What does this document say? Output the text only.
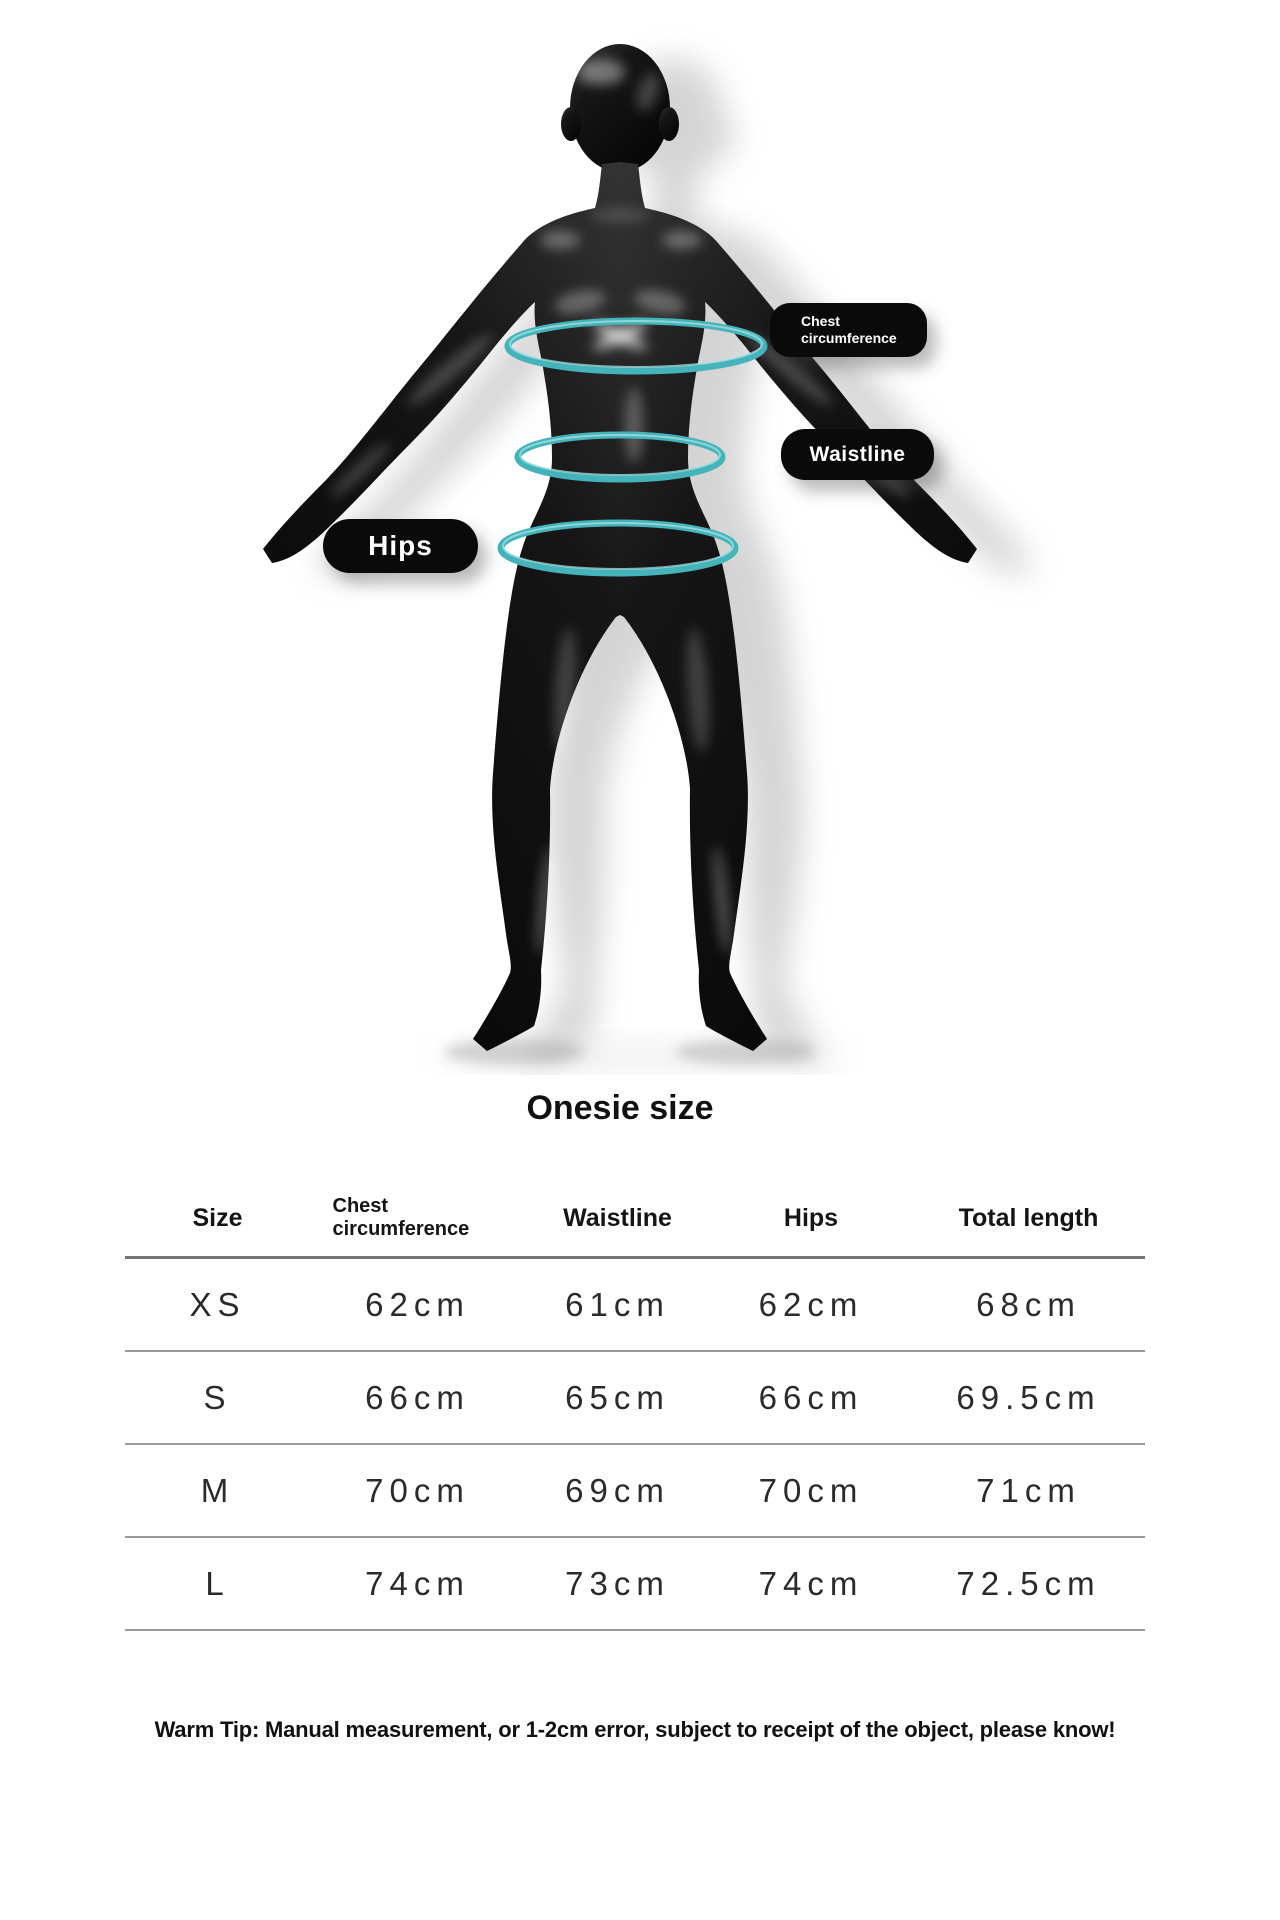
Chest circumference
Waistline
Hips
Onesie size
Size	Chest circumference	Waistline	Hips	Total length
XS	62cm	61cm	62cm	68cm
S	66cm	65cm	66cm	69.5cm
M	70cm	69cm	70cm	71cm
L	74cm	73cm	74cm	72.5cm
Warm Tip: Manual measurement, or 1-2cm error, subject to receipt of the object, please know!
